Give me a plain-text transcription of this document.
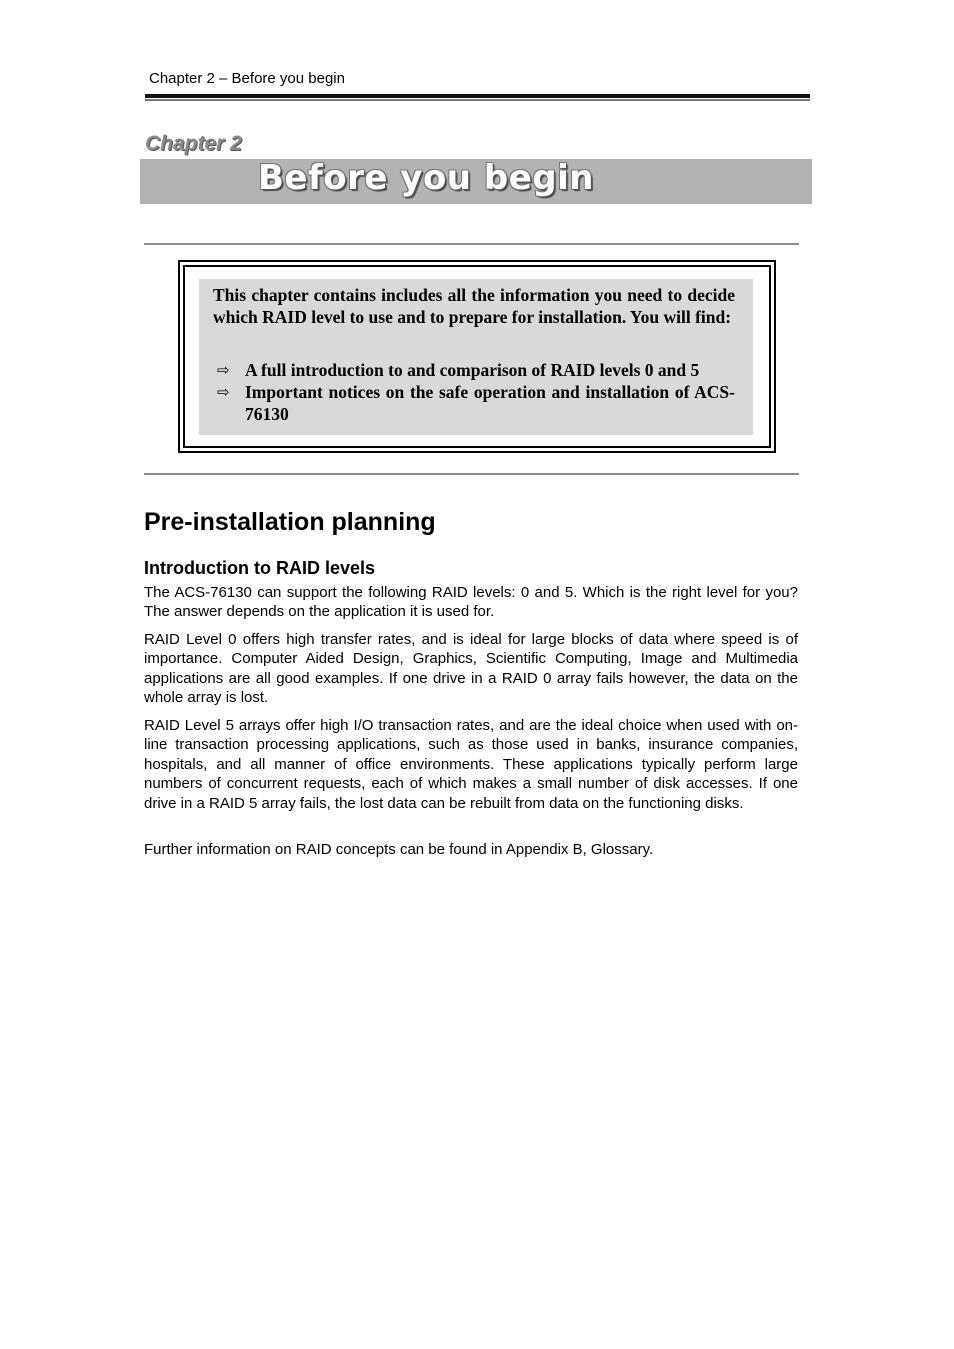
Chapter 2 – Before you begin
Chapter 2
Before you begin
This chapter contains includes all the information you need to decide which RAID level to use and to prepare for installation. You will find:
⇨ A full introduction to and comparison of RAID levels 0 and 5
⇨ Important notices on the safe operation and installation of ACS-76130
Pre-installation planning
Introduction to RAID levels

The ACS-76130 can support the following RAID levels: 0 and 5. Which is the right level for you? The answer depends on the application it is used for.

RAID Level 0 offers high transfer rates, and is ideal for large blocks of data where speed is of importance. Computer Aided Design, Graphics, Scientific Computing, Image and Multimedia applications are all good examples. If one drive in a RAID 0 array fails however, the data on the whole array is lost.

RAID Level 5 arrays offer high I/O transaction rates, and are the ideal choice when used with on-line transaction processing applications, such as those used in banks, insurance companies, hospitals, and all manner of office environments. These applications typically perform large numbers of concurrent requests, each of which makes a small number of disk accesses. If one drive in a RAID 5 array fails, the lost data can be rebuilt from data on the functioning disks.

Further information on RAID concepts can be found in Appendix B, Glossary.
